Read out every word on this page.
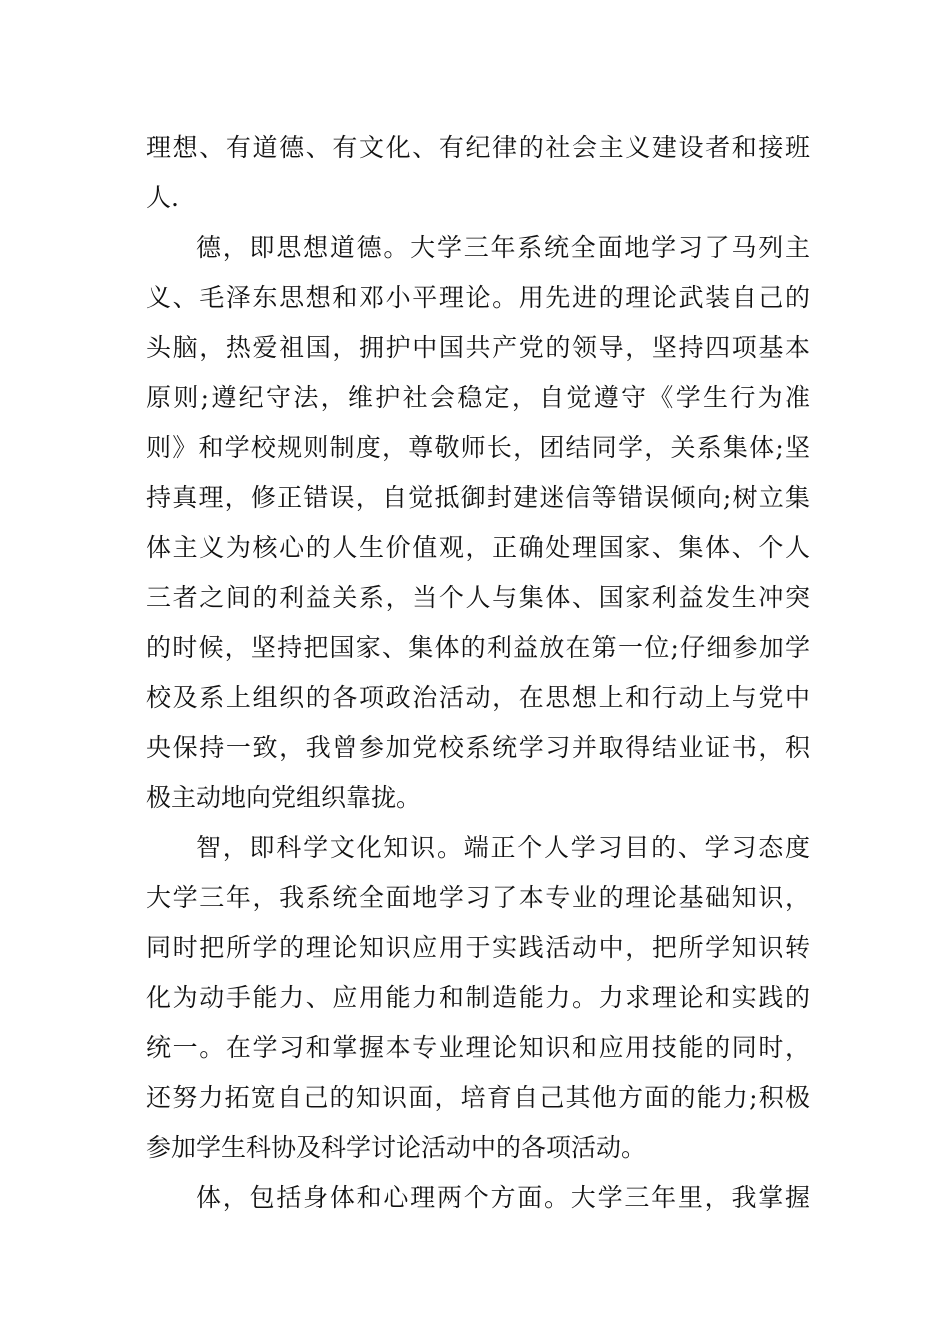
理想、有道德、有文化、有纪律的社会主义建设者和接班
人.
德，即思想道德。大学三年系统全面地学习了马列主
义、毛泽东思想和邓小平理论。用先进的理论武装自己的
头脑，热爱祖国，拥护中国共产党的领导，坚持四项基本
原则;遵纪守法，维护社会稳定，自觉遵守《学生行为准
则》和学校规则制度，尊敬师长，团结同学，关系集体;坚
持真理，修正错误，自觉抵御封建迷信等错误倾向;树立集
体主义为核心的人生价值观，正确处理国家、集体、个人
三者之间的利益关系，当个人与集体、国家利益发生冲突
的时候，坚持把国家、集体的利益放在第一位;仔细参加学
校及系上组织的各项政治活动，在思想上和行动上与党中
央保持一致，我曾参加党校系统学习并取得结业证书，积
极主动地向党组织靠拢。
智，即科学文化知识。端正个人学习目的、学习态度
大学三年，我系统全面地学习了本专业的理论基础知识，
同时把所学的理论知识应用于实践活动中，把所学知识转
化为动手能力、应用能力和制造能力。力求理论和实践的
统一。在学习和掌握本专业理论知识和应用技能的同时，
还努力拓宽自己的知识面，培育自己其他方面的能力;积极
参加学生科协及科学讨论活动中的各项活动。
体，包括身体和心理两个方面。大学三年里，我掌握
